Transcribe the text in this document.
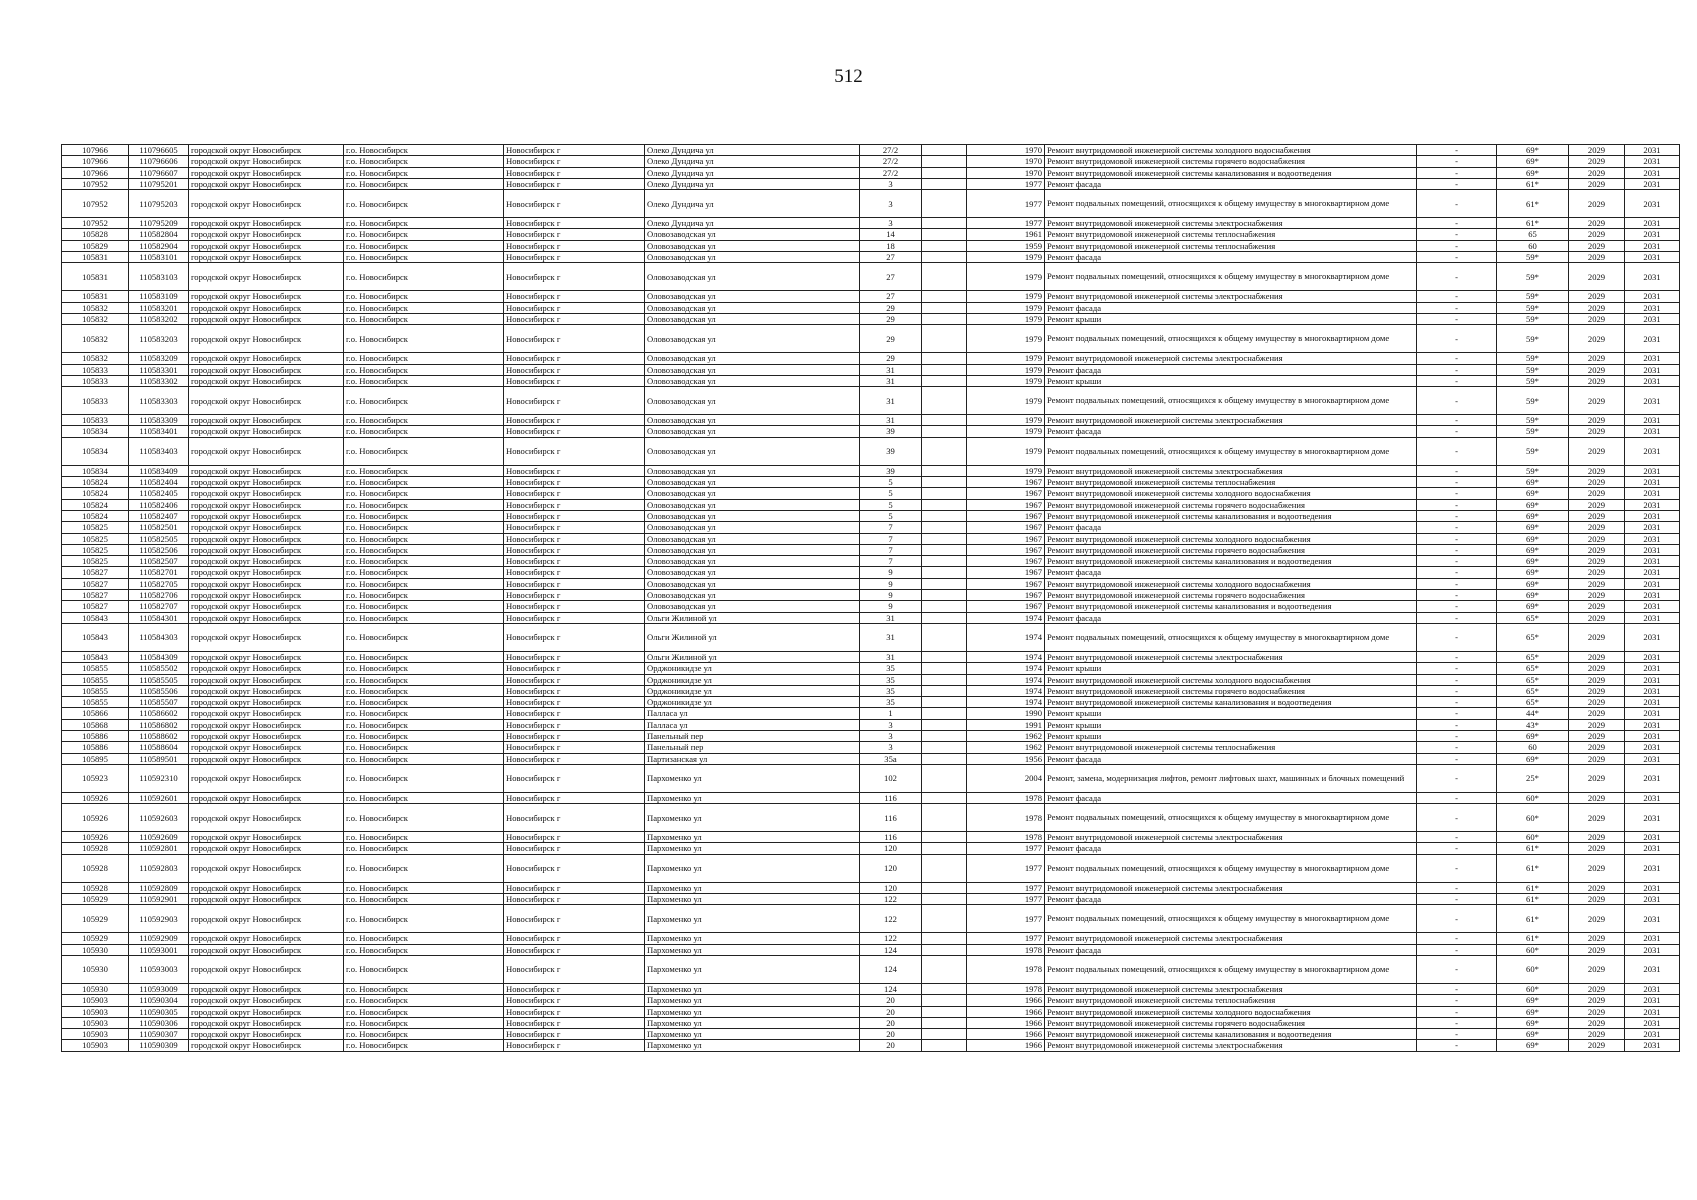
512
107966	110796605	городской округ Новосибирск	г.о. Новосибирск	Новосибирск г	Олеко Дундича ул	27/2		1970	Ремонт внутридомовой инженерной системы холодного водоснабжения	-	69*	2029	2031
107966	110796606	городской округ Новосибирск	г.о. Новосибирск	Новосибирск г	Олеко Дундича ул	27/2		1970	Ремонт внутридомовой инженерной системы горячего водоснабжения	-	69*	2029	2031
107966	110796607	городской округ Новосибирск	г.о. Новосибирск	Новосибирск г	Олеко Дундича ул	27/2		1970	Ремонт внутридомовой инженерной системы канализования и водоотведения	-	69*	2029	2031
107952	110795201	городской округ Новосибирск	г.о. Новосибирск	Новосибирск г	Олеко Дундича ул	3		1977	Ремонт фасада	-	61*	2029	2031
107952	110795203	городской округ Новосибирск	г.о. Новосибирск	Новосибирск г	Олеко Дундича ул	3		1977	Ремонт подвальных помещений, относящихся к общему имуществу в многоквартирном доме	-	61*	2029	2031
107952	110795209	городской округ Новосибирск	г.о. Новосибирск	Новосибирск г	Олеко Дундича ул	3		1977	Ремонт внутридомовой инженерной системы электроснабжения	-	61*	2029	2031
105828	110582804	городской округ Новосибирск	г.о. Новосибирск	Новосибирск г	Оловозаводская ул	14		1961	Ремонт внутридомовой инженерной системы теплоснабжения	-	65	2029	2031
105829	110582904	городской округ Новосибирск	г.о. Новосибирск	Новосибирск г	Оловозаводская ул	18		1959	Ремонт внутридомовой инженерной системы теплоснабжения	-	60	2029	2031
105831	110583101	городской округ Новосибирск	г.о. Новосибирск	Новосибирск г	Оловозаводская ул	27		1979	Ремонт фасада	-	59*	2029	2031
105831	110583103	городской округ Новосибирск	г.о. Новосибирск	Новосибирск г	Оловозаводская ул	27		1979	Ремонт подвальных помещений, относящихся к общему имуществу в многоквартирном доме	-	59*	2029	2031
105831	110583109	городской округ Новосибирск	г.о. Новосибирск	Новосибирск г	Оловозаводская ул	27		1979	Ремонт внутридомовой инженерной системы электроснабжения	-	59*	2029	2031
105832	110583201	городской округ Новосибирск	г.о. Новосибирск	Новосибирск г	Оловозаводская ул	29		1979	Ремонт фасада	-	59*	2029	2031
105832	110583202	городской округ Новосибирск	г.о. Новосибирск	Новосибирск г	Оловозаводская ул	29		1979	Ремонт крыши	-	59*	2029	2031
105832	110583203	городской округ Новосибирск	г.о. Новосибирск	Новосибирск г	Оловозаводская ул	29		1979	Ремонт подвальных помещений, относящихся к общему имуществу в многоквартирном доме	-	59*	2029	2031
105832	110583209	городской округ Новосибирск	г.о. Новосибирск	Новосибирск г	Оловозаводская ул	29		1979	Ремонт внутридомовой инженерной системы электроснабжения	-	59*	2029	2031
105833	110583301	городской округ Новосибирск	г.о. Новосибирск	Новосибирск г	Оловозаводская ул	31		1979	Ремонт фасада	-	59*	2029	2031
105833	110583302	городской округ Новосибирск	г.о. Новосибирск	Новосибирск г	Оловозаводская ул	31		1979	Ремонт крыши	-	59*	2029	2031
105833	110583303	городской округ Новосибирск	г.о. Новосибирск	Новосибирск г	Оловозаводская ул	31		1979	Ремонт подвальных помещений, относящихся к общему имуществу в многоквартирном доме	-	59*	2029	2031
105833	110583309	городской округ Новосибирск	г.о. Новосибирск	Новосибирск г	Оловозаводская ул	31		1979	Ремонт внутридомовой инженерной системы электроснабжения	-	59*	2029	2031
105834	110583401	городской округ Новосибирск	г.о. Новосибирск	Новосибирск г	Оловозаводская ул	39		1979	Ремонт фасада	-	59*	2029	2031
105834	110583403	городской округ Новосибирск	г.о. Новосибирск	Новосибирск г	Оловозаводская ул	39		1979	Ремонт подвальных помещений, относящихся к общему имуществу в многоквартирном доме	-	59*	2029	2031
105834	110583409	городской округ Новосибирск	г.о. Новосибирск	Новосибирск г	Оловозаводская ул	39		1979	Ремонт внутридомовой инженерной системы электроснабжения	-	59*	2029	2031
105824	110582404	городской округ Новосибирск	г.о. Новосибирск	Новосибирск г	Оловозаводская ул	5		1967	Ремонт внутридомовой инженерной системы теплоснабжения	-	69*	2029	2031
105824	110582405	городской округ Новосибирск	г.о. Новосибирск	Новосибирск г	Оловозаводская ул	5		1967	Ремонт внутридомовой инженерной системы холодного водоснабжения	-	69*	2029	2031
105824	110582406	городской округ Новосибирск	г.о. Новосибирск	Новосибирск г	Оловозаводская ул	5		1967	Ремонт внутридомовой инженерной системы горячего водоснабжения	-	69*	2029	2031
105824	110582407	городской округ Новосибирск	г.о. Новосибирск	Новосибирск г	Оловозаводская ул	5		1967	Ремонт внутридомовой инженерной системы канализования и водоотведения	-	69*	2029	2031
105825	110582501	городской округ Новосибирск	г.о. Новосибирск	Новосибирск г	Оловозаводская ул	7		1967	Ремонт фасада	-	69*	2029	2031
105825	110582505	городской округ Новосибирск	г.о. Новосибирск	Новосибирск г	Оловозаводская ул	7		1967	Ремонт внутридомовой инженерной системы холодного водоснабжения	-	69*	2029	2031
105825	110582506	городской округ Новосибирск	г.о. Новосибирск	Новосибирск г	Оловозаводская ул	7		1967	Ремонт внутридомовой инженерной системы горячего водоснабжения	-	69*	2029	2031
105825	110582507	городской округ Новосибирск	г.о. Новосибирск	Новосибирск г	Оловозаводская ул	7		1967	Ремонт внутридомовой инженерной системы канализования и водоотведения	-	69*	2029	2031
105827	110582701	городской округ Новосибирск	г.о. Новосибирск	Новосибирск г	Оловозаводская ул	9		1967	Ремонт фасада	-	69*	2029	2031
105827	110582705	городской округ Новосибирск	г.о. Новосибирск	Новосибирск г	Оловозаводская ул	9		1967	Ремонт внутридомовой инженерной системы холодного водоснабжения	-	69*	2029	2031
105827	110582706	городской округ Новосибирск	г.о. Новосибирск	Новосибирск г	Оловозаводская ул	9		1967	Ремонт внутридомовой инженерной системы горячего водоснабжения	-	69*	2029	2031
105827	110582707	городской округ Новосибирск	г.о. Новосибирск	Новосибирск г	Оловозаводская ул	9		1967	Ремонт внутридомовой инженерной системы канализования и водоотведения	-	69*	2029	2031
105843	110584301	городской округ Новосибирск	г.о. Новосибирск	Новосибирск г	Ольги Жилиной ул	31		1974	Ремонт фасада	-	65*	2029	2031
105843	110584303	городской округ Новосибирск	г.о. Новосибирск	Новосибирск г	Ольги Жилиной ул	31		1974	Ремонт подвальных помещений, относящихся к общему имуществу в многоквартирном доме	-	65*	2029	2031
105843	110584309	городской округ Новосибирск	г.о. Новосибирск	Новосибирск г	Ольги Жилиной ул	31		1974	Ремонт внутридомовой инженерной системы электроснабжения	-	65*	2029	2031
105855	110585502	городской округ Новосибирск	г.о. Новосибирск	Новосибирск г	Орджоникидзе ул	35		1974	Ремонт крыши	-	65*	2029	2031
105855	110585505	городской округ Новосибирск	г.о. Новосибирск	Новосибирск г	Орджоникидзе ул	35		1974	Ремонт внутридомовой инженерной системы холодного водоснабжения	-	65*	2029	2031
105855	110585506	городской округ Новосибирск	г.о. Новосибирск	Новосибирск г	Орджоникидзе ул	35		1974	Ремонт внутридомовой инженерной системы горячего водоснабжения	-	65*	2029	2031
105855	110585507	городской округ Новосибирск	г.о. Новосибирск	Новосибирск г	Орджоникидзе ул	35		1974	Ремонт внутридомовой инженерной системы канализования и водоотведения	-	65*	2029	2031
105866	110586602	городской округ Новосибирск	г.о. Новосибирск	Новосибирск г	Палласа ул	1		1990	Ремонт крыши	-	44*	2029	2031
105868	110586802	городской округ Новосибирск	г.о. Новосибирск	Новосибирск г	Палласа ул	3		1991	Ремонт крыши	-	43*	2029	2031
105886	110588602	городской округ Новосибирск	г.о. Новосибирск	Новосибирск г	Панельный пер	3		1962	Ремонт крыши	-	69*	2029	2031
105886	110588604	городской округ Новосибирск	г.о. Новосибирск	Новосибирск г	Панельный пер	3		1962	Ремонт внутридомовой инженерной системы теплоснабжения	-	60	2029	2031
105895	110589501	городской округ Новосибирск	г.о. Новосибирск	Новосибирск г	Партизанская ул	35а		1956	Ремонт фасада	-	69*	2029	2031
105923	110592310	городской округ Новосибирск	г.о. Новосибирск	Новосибирск г	Пархоменко ул	102		2004	Ремонт, замена, модернизация лифтов, ремонт лифтовых шахт, машинных и блочных помещений	-	25*	2029	2031
105926	110592601	городской округ Новосибирск	г.о. Новосибирск	Новосибирск г	Пархоменко ул	116		1978	Ремонт фасада	-	60*	2029	2031
105926	110592603	городской округ Новосибирск	г.о. Новосибирск	Новосибирск г	Пархоменко ул	116		1978	Ремонт подвальных помещений, относящихся к общему имуществу в многоквартирном доме	-	60*	2029	2031
105926	110592609	городской округ Новосибирск	г.о. Новосибирск	Новосибирск г	Пархоменко ул	116		1978	Ремонт внутридомовой инженерной системы электроснабжения	-	60*	2029	2031
105928	110592801	городской округ Новосибирск	г.о. Новосибирск	Новосибирск г	Пархоменко ул	120		1977	Ремонт фасада	-	61*	2029	2031
105928	110592803	городской округ Новосибирск	г.о. Новосибирск	Новосибирск г	Пархоменко ул	120		1977	Ремонт подвальных помещений, относящихся к общему имуществу в многоквартирном доме	-	61*	2029	2031
105928	110592809	городской округ Новосибирск	г.о. Новосибирск	Новосибирск г	Пархоменко ул	120		1977	Ремонт внутридомовой инженерной системы электроснабжения	-	61*	2029	2031
105929	110592901	городской округ Новосибирск	г.о. Новосибирск	Новосибирск г	Пархоменко ул	122		1977	Ремонт фасада	-	61*	2029	2031
105929	110592903	городской округ Новосибирск	г.о. Новосибирск	Новосибирск г	Пархоменко ул	122		1977	Ремонт подвальных помещений, относящихся к общему имуществу в многоквартирном доме	-	61*	2029	2031
105929	110592909	городской округ Новосибирск	г.о. Новосибирск	Новосибирск г	Пархоменко ул	122		1977	Ремонт внутридомовой инженерной системы электроснабжения	-	61*	2029	2031
105930	110593001	городской округ Новосибирск	г.о. Новосибирск	Новосибирск г	Пархоменко ул	124		1978	Ремонт фасада	-	60*	2029	2031
105930	110593003	городской округ Новосибирск	г.о. Новосибирск	Новосибирск г	Пархоменко ул	124		1978	Ремонт подвальных помещений, относящихся к общему имуществу в многоквартирном доме	-	60*	2029	2031
105930	110593009	городской округ Новосибирск	г.о. Новосибирск	Новосибирск г	Пархоменко ул	124		1978	Ремонт внутридомовой инженерной системы электроснабжения	-	60*	2029	2031
105903	110590304	городской округ Новосибирск	г.о. Новосибирск	Новосибирск г	Пархоменко ул	20		1966	Ремонт внутридомовой инженерной системы теплоснабжения	-	69*	2029	2031
105903	110590305	городской округ Новосибирск	г.о. Новосибирск	Новосибирск г	Пархоменко ул	20		1966	Ремонт внутридомовой инженерной системы холодного водоснабжения	-	69*	2029	2031
105903	110590306	городской округ Новосибирск	г.о. Новосибирск	Новосибирск г	Пархоменко ул	20		1966	Ремонт внутридомовой инженерной системы горячего водоснабжения	-	69*	2029	2031
105903	110590307	городской округ Новосибирск	г.о. Новосибирск	Новосибирск г	Пархоменко ул	20		1966	Ремонт внутридомовой инженерной системы канализования и водоотведения	-	69*	2029	2031
105903	110590309	городской округ Новосибирск	г.о. Новосибирск	Новосибирск г	Пархоменко ул	20		1966	Ремонт внутридомовой инженерной системы электроснабжения	-	69*	2029	2031
